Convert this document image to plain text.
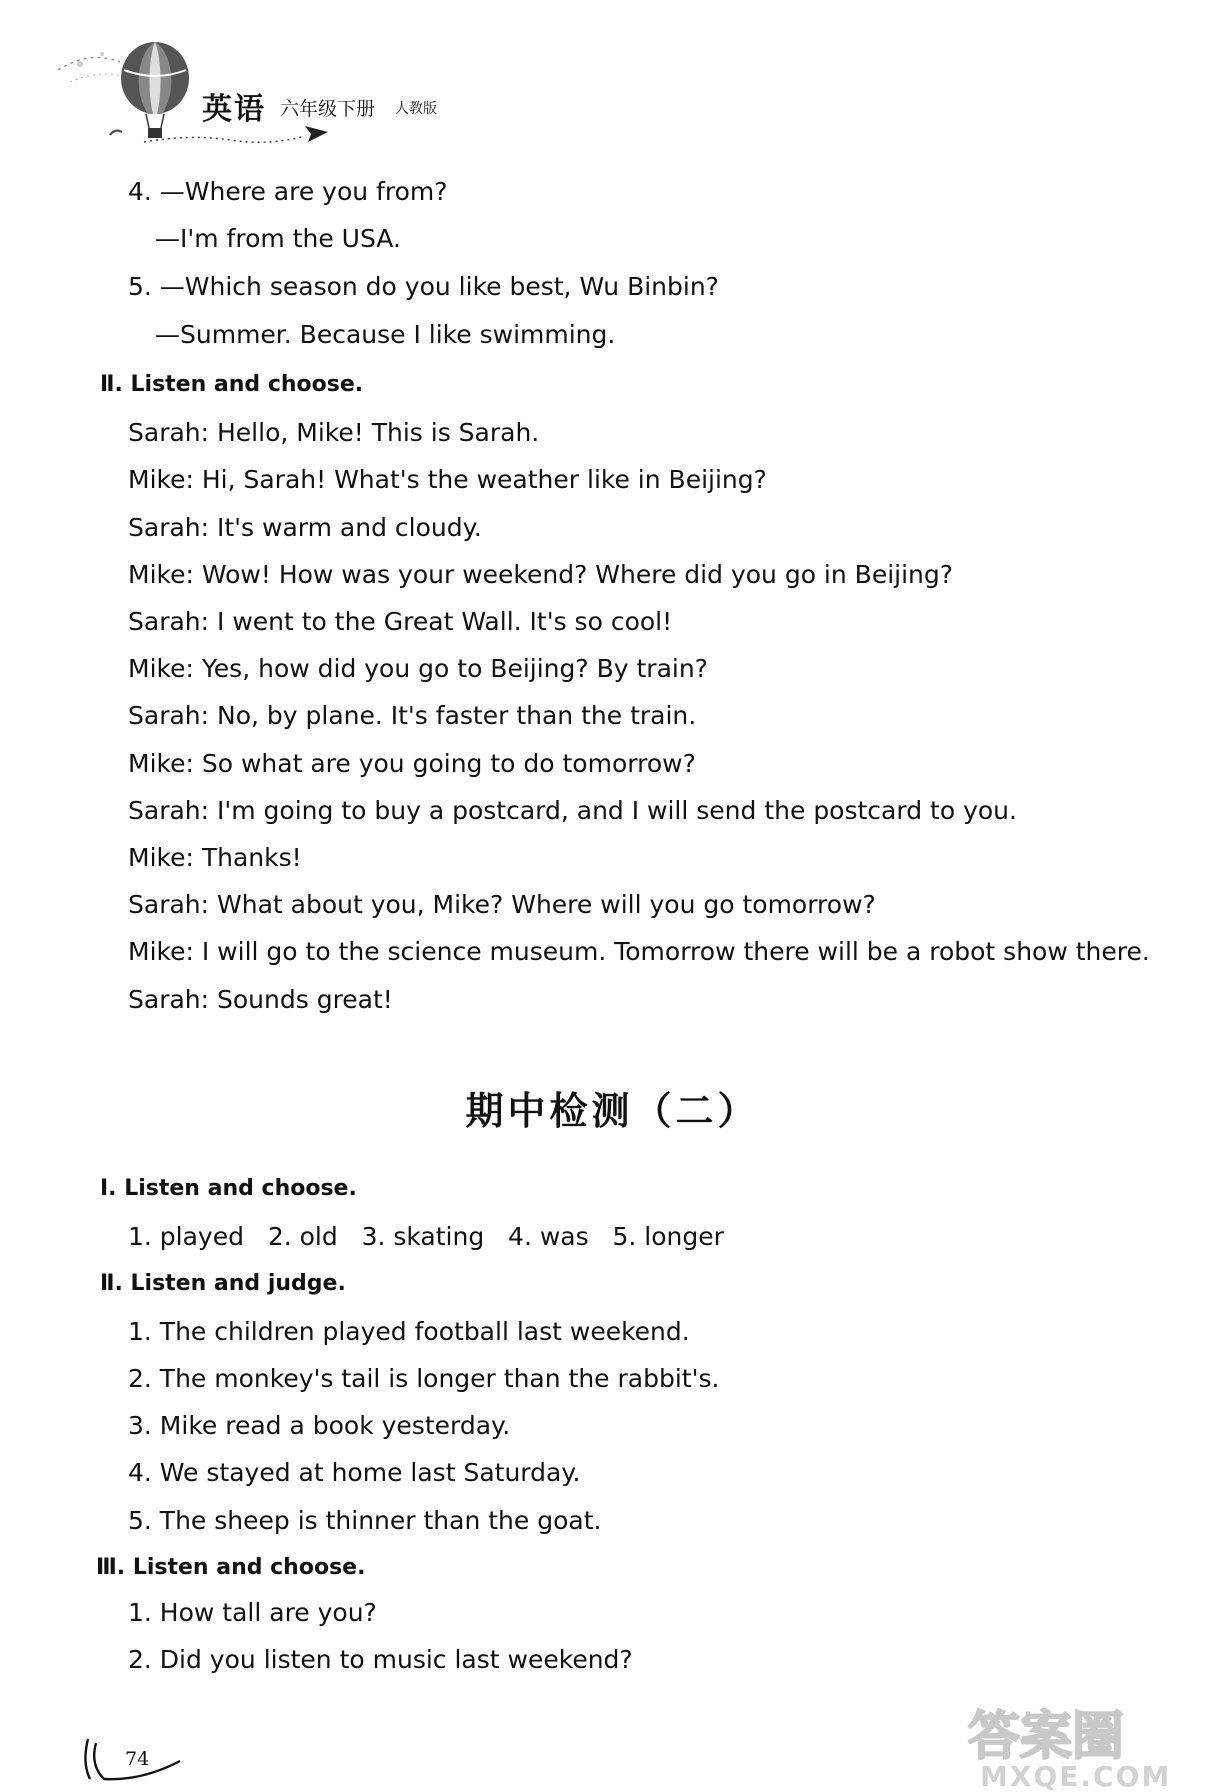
英语 六年级下册 人教版
4. —Where are you from?
—I'm from the USA.
5. —Which season do you like best, Wu Binbin?
—Summer. Because I like swimming.
Ⅱ. Listen and choose.
Sarah: Hello, Mike! This is Sarah.
Mike: Hi, Sarah! What's the weather like in Beijing?
Sarah: It's warm and cloudy.
Mike: Wow! How was your weekend? Where did you go in Beijing?
Sarah: I went to the Great Wall. It's so cool!
Mike: Yes, how did you go to Beijing? By train?
Sarah: No, by plane. It's faster than the train.
Mike: So what are you going to do tomorrow?
Sarah: I'm going to buy a postcard, and I will send the postcard to you.
Mike: Thanks!
Sarah: What about you, Mike? Where will you go tomorrow?
Mike: I will go to the science museum. Tomorrow there will be a robot show there.
Sarah: Sounds great!
期中检测（二）
Ⅰ. Listen and choose.
1. played   2. old   3. skating   4. was   5. longer
Ⅱ. Listen and judge.
1. The children played football last weekend.
2. The monkey's tail is longer than the rabbit's.
3. Mike read a book yesterday.
4. We stayed at home last Saturday.
5. The sheep is thinner than the goat.
Ⅲ. Listen and choose.
1. How tall are you?
2. Did you listen to music last weekend?
74	答案圈
MXQE.COM
